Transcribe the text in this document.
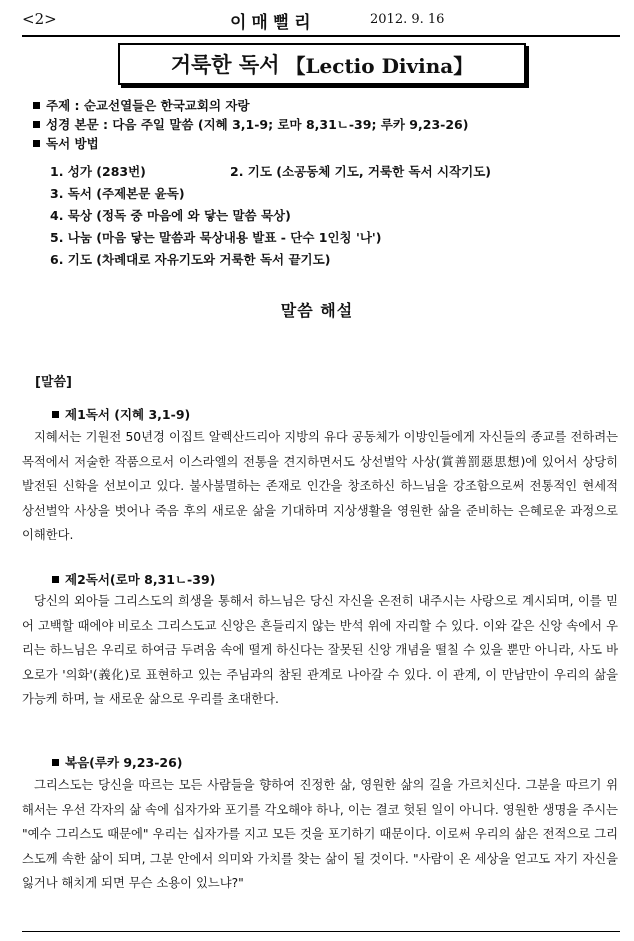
<2>	이매뻘리	2012. 9. 16
거룩한 독서 【Lectio Divina】
주제 : 순교선열들은 한국교회의 자랑
성경 본문 : 다음 주일 말씀 (지혜 3,1-9; 로마 8,31ㄴ-39; 루카 9,23-26)
독서 방법
1. 성가 (283번)	2. 기도 (소공동체 기도, 거룩한 독서 시작기도)
3. 독서 (주제본문 윤독)
4. 묵상 (정독 중 마음에 와 닿는 말씀 묵상)
5. 나눔 (마음 닿는 말씀과 묵상내용 발표 - 단수 1인칭 '나')
6. 기도 (차례대로 자유기도와 거룩한 독서 끝기도)
말씀 해설
[말씀]
제1독서 (지혜 3,1-9)
지혜서는 기원전 50년경 이집트 알렉산드리아 지방의 유다 공동체가 이방인들에게 자신들의 종교를 전하려는 목적에서 저술한 작품으로서 이스라엘의 전통을 견지하면서도 상선벌악 사상(賞善罰惡思想)에 있어서 상당히 발전된 신학을 선보이고 있다. 불사불멸하는 존재로 인간을 창조하신 하느님을 강조함으로써 전통적인 현세적 상선벌악 사상을 벗어나 죽음 후의 새로운 삶을 기대하며 지상생활을 영원한 삶을 준비하는 은혜로운 과정으로 이해한다.
제2독서(로마 8,31ㄴ-39)
당신의 외아들 그리스도의 희생을 통해서 하느님은 당신 자신을 온전히 내주시는 사랑으로 계시되며, 이를 믿어 고백할 때에야 비로소 그리스도교 신앙은 흔들리지 않는 반석 위에 자리할 수 있다. 이와 같은 신앙 속에서 우리는 하느님은 우리로 하여금 두려움 속에 떨게 하신다는 잘못된 신앙 개념을 떨칠 수 있을 뿐만 아니라, 사도 바오로가 '의화'(義化)로 표현하고 있는 주님과의 참된 관계로 나아갈 수 있다. 이 관계, 이 만남만이 우리의 삶을 가능케 하며, 늘 새로운 삶으로 우리를 초대한다.
복음(루카 9,23-26)
그리스도는 당신을 따르는 모든 사람들을 향하여 진정한 삶, 영원한 삶의 길을 가르치신다. 그분을 따르기 위해서는 우선 각자의 삶 속에 십자가와 포기를 각오해야 하나, 이는 결코 헛된 일이 아니다. 영원한 생명을 주시는 "예수 그리스도 때문에" 우리는 십자가를 지고 모든 것을 포기하기 때문이다. 이로써 우리의 삶은 전적으로 그리스도께 속한 삶이 되며, 그분 안에서 의미와 가치를 찾는 삶이 될 것이다. "사람이 온 세상을 얻고도 자기 자신을 잃거나 해치게 되면 무슨 소용이 있느냐?"
